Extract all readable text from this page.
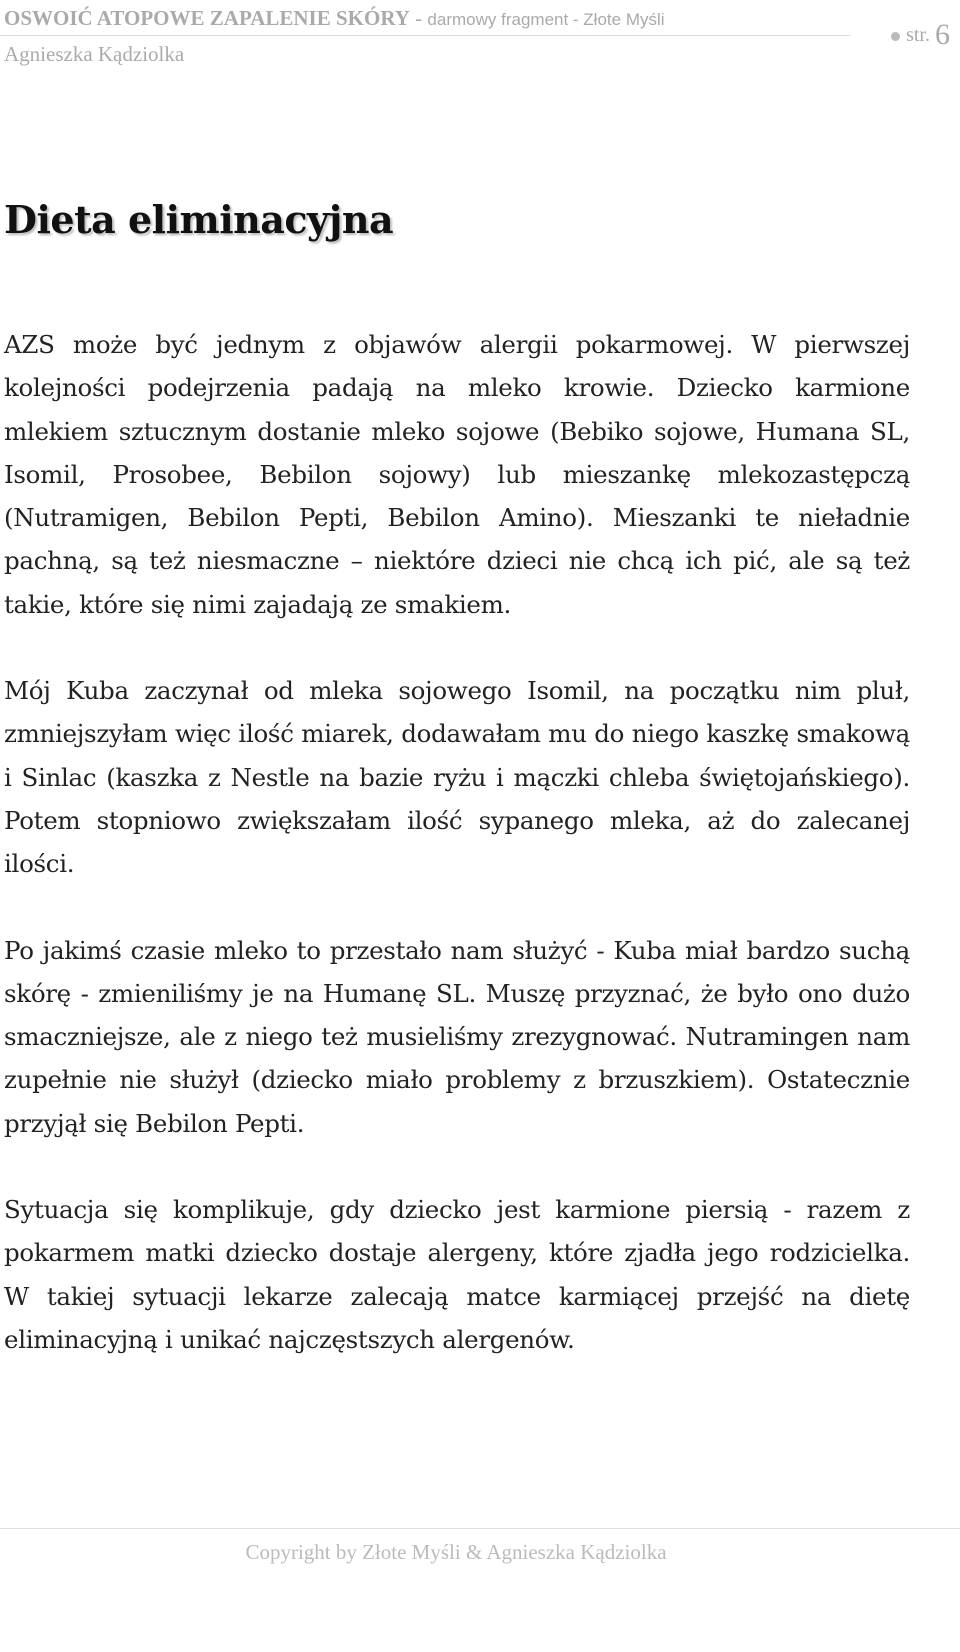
OSWOIĆ ATOPOWE ZAPALENIE SKÓRY - darmowy fragment - Złote Myśli
Agnieszka Kądziolka
str. 6
Dieta eliminacyjna

AZS może być jednym z objawów alergii pokarmowej. W pierwszej kolejności podejrzenia padają na mleko krowie. Dziecko karmione mlekiem sztucznym dostanie mleko sojowe (Bebiko sojowe, Humana SL, Isomil, Prosobee, Bebilon sojowy) lub mieszankę mlekozastępczą (Nutramigen, Bebilon Pepti, Bebilon Amino). Mieszanki te nieładnie pachną, są też niesmaczne – niektóre dzieci nie chcą ich pić, ale są też takie, które się nimi zajadają ze smakiem.

Mój Kuba zaczynał od mleka sojowego Isomil, na początku nim pluł, zmniejszyłam więc ilość miarek, dodawałam mu do niego kaszkę smakową i Sinlac (kaszka z Nestle na bazie ryżu i mączki chleba świętojańskiego). Potem stopniowo zwiększałam ilość sypanego mleka, aż do zalecanej ilości.

Po jakimś czasie mleko to przestało nam służyć - Kuba miał bardzo suchą skórę - zmieniliśmy je na Humanę SL. Muszę przyznać, że było ono dużo smaczniejsze, ale z niego też musieliśmy zrezygnować. Nutramingen nam zupełnie nie służył (dziecko miało problemy z brzuszkiem). Ostatecznie przyjął się Bebilon Pepti.

Sytuacja się komplikuje, gdy dziecko jest karmione piersią - razem z pokarmem matki dziecko dostaje alergeny, które zjadła jego rodzicielka. W takiej sytuacji lekarze zalecają matce karmiącej przejść na dietę eliminacyjną i unikać najczęstszych alergenów.

Copyright by Złote Myśli & Agnieszka Kądziolka
